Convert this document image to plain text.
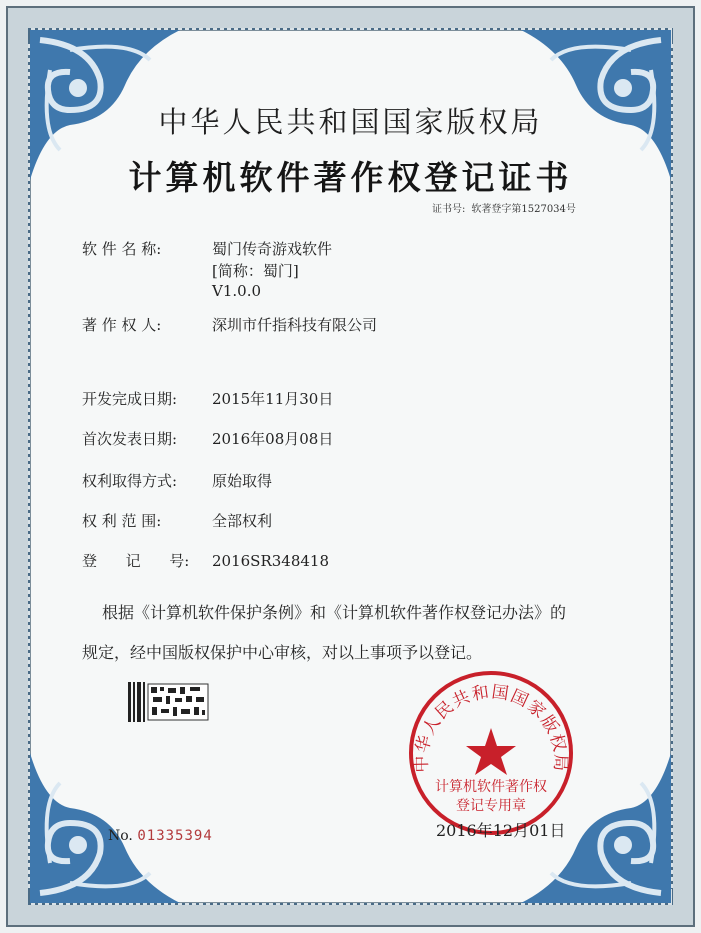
中华人民共和国国家版权局
计算机软件著作权登记证书
证书号: 软著登字第1527034号
软 件 名 称:	蜀门传奇游戏软件
[简称：蜀门]
V1.0.0
著 作 权 人:	深圳市仟指科技有限公司
开发完成日期: 2015年11月30日
首次发表日期: 2016年08月08日
权利取得方式: 原始取得
权 利 范 围:	全部权利
登      记      号: 2016SR348418
根据《计算机软件保护条例》和《计算机软件著作权登记办法》的
规定，经中国版权保护中心审核，对以上事项予以登记。
No. 01335394
中华人民共和国国家版权局
计算机软件著作权
登记专用章
2016年12月01日
